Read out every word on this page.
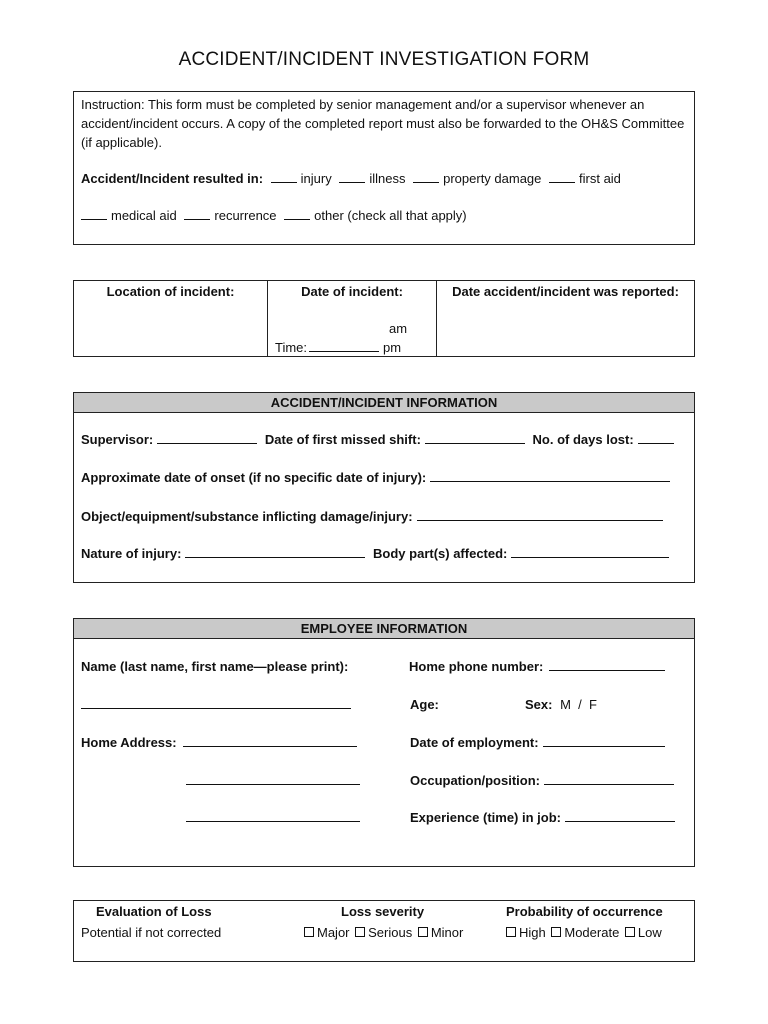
ACCIDENT/INCIDENT INVESTIGATION FORM
Instruction: This form must be completed by senior management and/or a supervisor whenever an accident/incident occurs. A copy of the completed report must also be forwarded to the OH&S Committee (if applicable).
Accident/Incident resulted in:	injury	illness	property damage	first aid
medical aid	recurrence	other (check all that apply)
Location of incident:	Date of incident:
am
Time:	pm
Date accident/incident was reported:
ACCIDENT/INCIDENT INFORMATION
Supervisor:	Date of first missed shift:	No. of days lost:
Approximate date of onset (if no specific date of injury):
Object/equipment/substance inflicting damage/injury:
Nature of injury:	Body part(s) affected:
EMPLOYEE INFORMATION
Name (last name, first name—please print):	Home phone number:
Age:	Sex: M  /  F
Home Address:	Date of employment:
Occupation/position:
Experience (time) in job:
Evaluation of Loss	Loss severity	Probability of occurrence
Potential if not corrected	Major Serious Minor	High Moderate Low
